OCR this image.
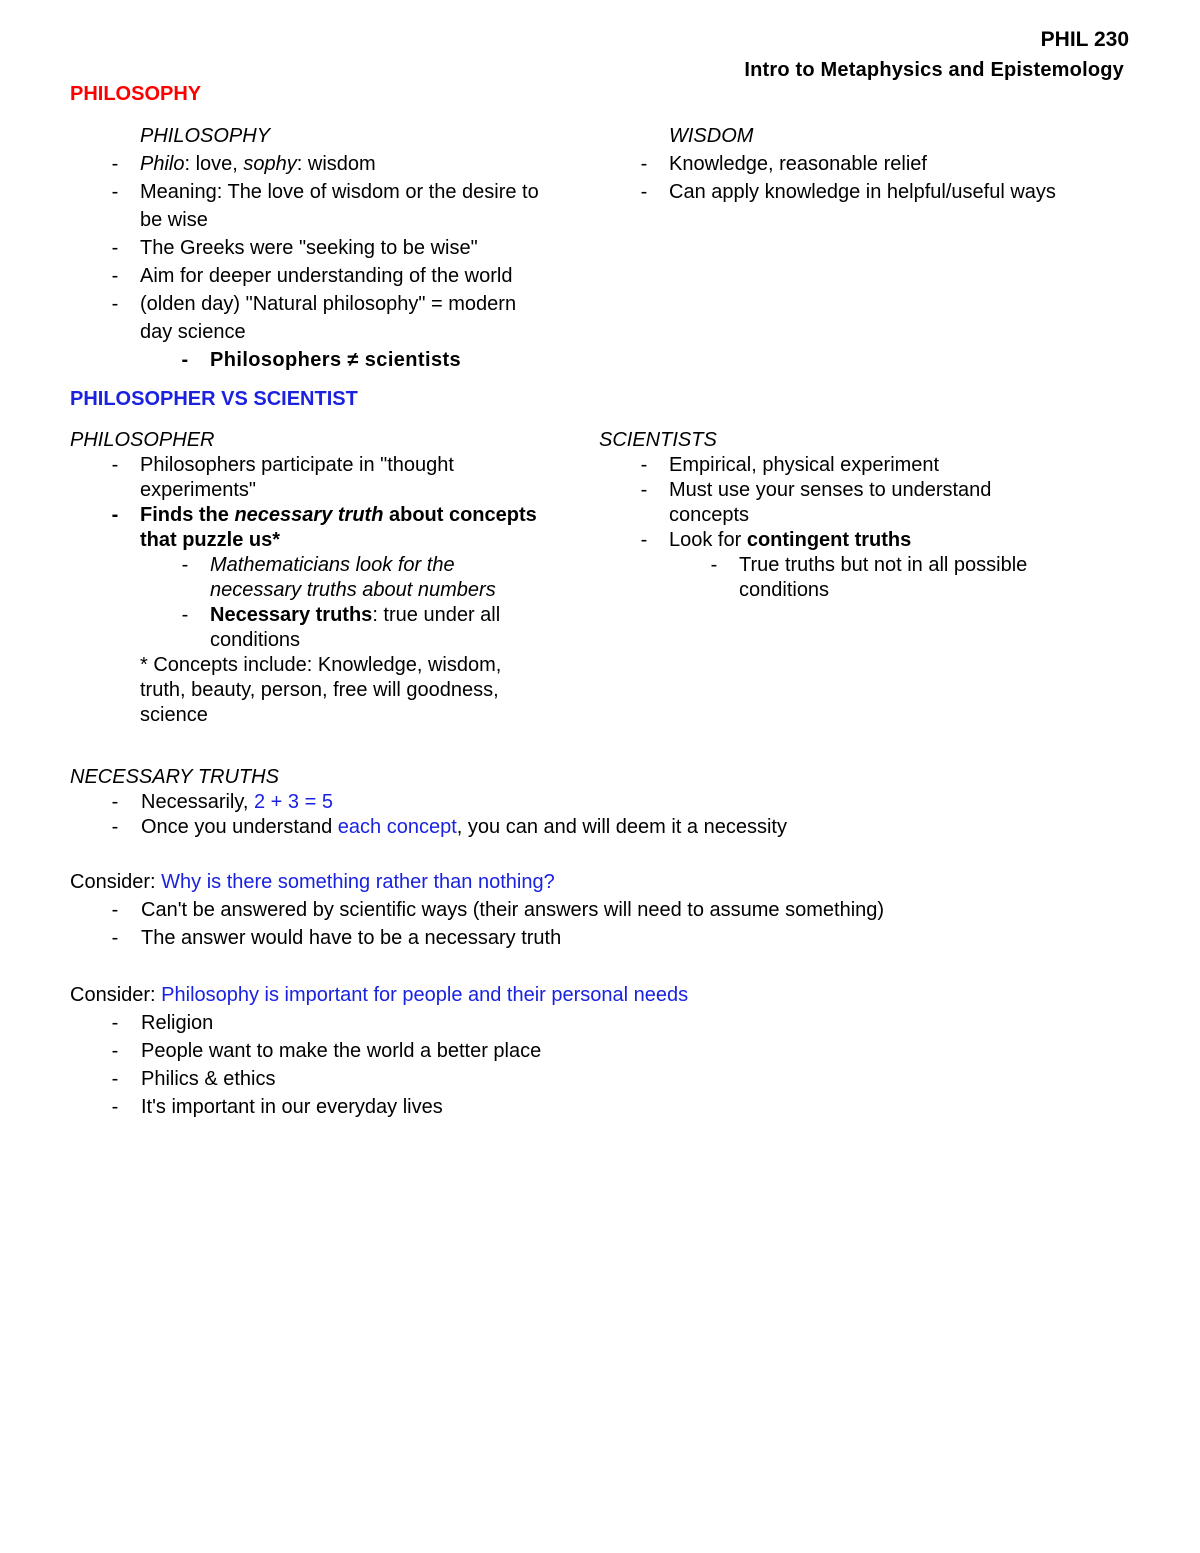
PHIL 230
Intro to Metaphysics and Epistemology
PHILOSOPHY
PHILOSOPHY
-	Philo: love, sophy: wisdom
-	Meaning: The love of wisdom or the desire to
be wise
-	The Greeks were "seeking to be wise"
-	Aim for deeper understanding of the world
-	(olden day) "Natural philosophy" = modern
day science
-	Philosophers ≠ scientists
WISDOM
-	Knowledge, reasonable relief
-	Can apply knowledge in helpful/useful ways
PHILOSOPHER VS SCIENTIST
PHILOSOPHER
-	Philosophers participate in "thought
experiments"
-	Finds the necessary truth about concepts
that puzzle us*
-	Mathematicians look for the
necessary truths about numbers
-	Necessary truths: true under all
conditions
* Concepts include: Knowledge, wisdom,
truth, beauty, person, free will goodness,
science
SCIENTISTS
-	Empirical, physical experiment
-	Must use your senses to understand
concepts
-	Look for contingent truths
-	True truths but not in all possible
conditions
NECESSARY TRUTHS
-	Necessarily, 2 + 3 = 5
-	Once you understand each concept, you can and will deem it a necessity
Consider: Why is there something rather than nothing?
-	Can't be answered by scientific ways (their answers will need to assume something)
-	The answer would have to be a necessary truth
Consider: Philosophy is important for people and their personal needs
-	Religion
-	People want to make the world a better place
-	Philics & ethics
-	It's important in our everyday lives
